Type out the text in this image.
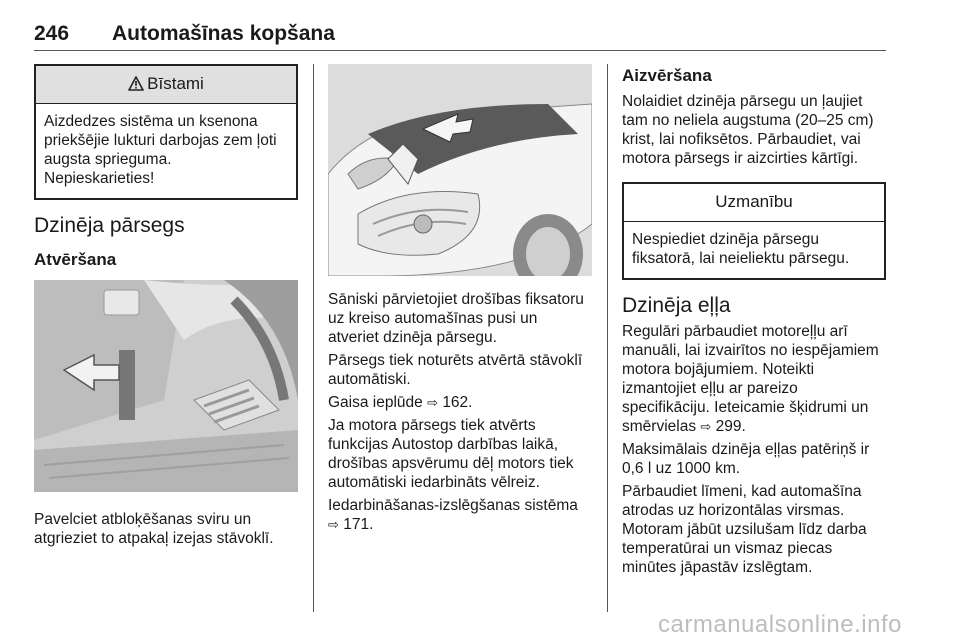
246 Automašīnas kopšana
Bīstami
Aizdedzes sistēma un ksenona priekšējie lukturi darbojas zem ļoti augsta sprieguma.
Nepieskarieties!
Dzinēja pārsegs
Atvēršana

Pavelciet atbloķēšanas sviru un atgrieziet to atpakaļ izejas stāvoklī.

Sāniski pārvietojiet drošības fiksatoru uz kreiso automašīnas pusi un atveriet dzinēja pārsegu.

Pārsegs tiek noturēts atvērtā stāvoklī automātiski.

Gaisa ieplūde ⇨ 162.

Ja motora pārsegs tiek atvērts funkcijas Autostop darbības laikā, drošības apsvērumu dēļ motors tiek automātiski iedarbināts vēlreiz.

Iedarbināšanas-izslēgšanas sistēma
⇨ 171.

Aizvēršana

Nolaidiet dzinēja pārsegu un ļaujiet tam no neliela augstuma (20–25 cm) krist, lai nofiksētos. Pārbaudiet, vai motora pārsegs ir aizcirties kārtīgi.

Uzmanību
Nespiediet dzinēja pārsegu fiksatorā, lai neieliektu pārsegu.
Dzinēja eļļa

Regulāri pārbaudiet motoreļļu arī manuāli, lai izvairītos no iespējamiem motora bojājumiem. Noteikti izmantojiet eļļu ar pareizo specifikāciju. Ieteicamie šķidrumi un smērvielas ⇨ 299.

Maksimālais dzinēja eļļas patēriņš ir 0,6 l uz 1000 km.

Pārbaudiet līmeni, kad automašīna atrodas uz horizontālas virsmas. Motoram jābūt uzsilušam līdz darba temperatūrai un vismaz piecas minūtes jāpastāv izslēgtam.

carmanualsonline.info
